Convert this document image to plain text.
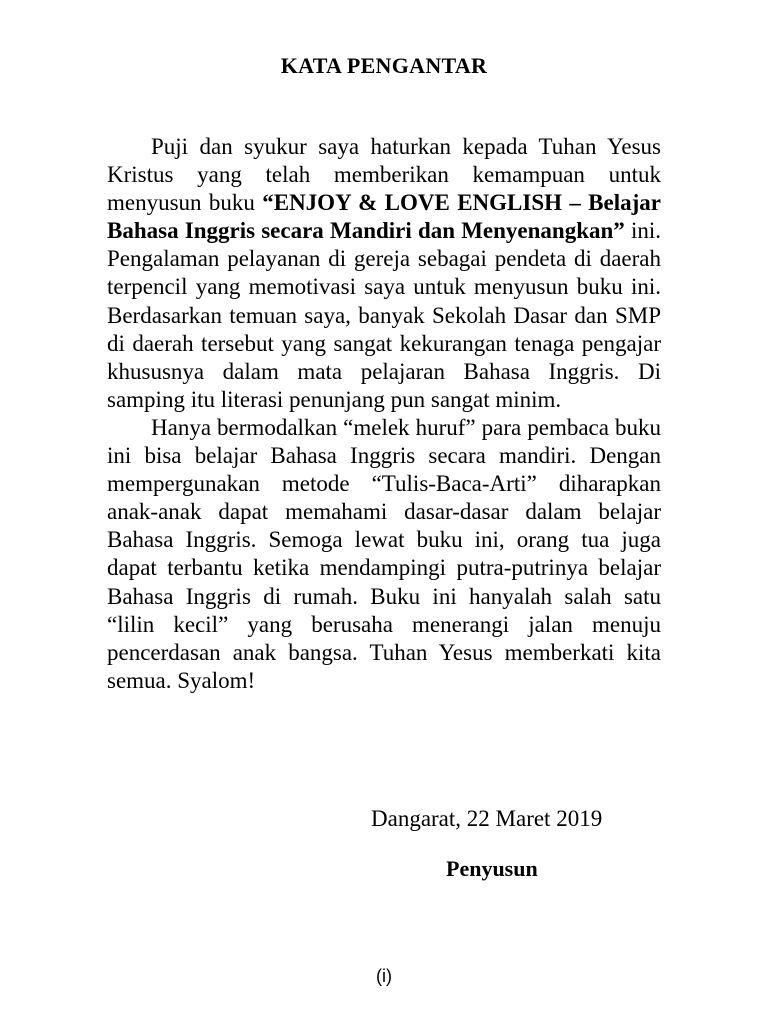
KATA PENGANTAR

Puji dan syukur saya haturkan kepada Tuhan Yesus Kristus yang telah memberikan kemampuan untuk menyusun buku “ENJOY & LOVE ENGLISH – Belajar Bahasa Inggris secara Mandiri dan Menyenangkan” ini. Pengalaman pelayanan di gereja sebagai pendeta di daerah terpencil yang memotivasi saya untuk menyusun buku ini. Berdasarkan temuan saya, banyak Sekolah Dasar dan SMP di daerah tersebut yang sangat kekurangan tenaga pengajar khususnya dalam mata pelajaran Bahasa Inggris. Di samping itu literasi penunjang pun sangat minim.

Hanya bermodalkan “melek huruf” para pembaca buku ini bisa belajar Bahasa Inggris secara mandiri. Dengan mempergunakan metode “Tulis-Baca-Arti” diharapkan anak-anak dapat memahami dasar-dasar dalam belajar Bahasa Inggris. Semoga lewat buku ini, orang tua juga dapat terbantu ketika mendampingi putra-putrinya belajar Bahasa Inggris di rumah. Buku ini hanyalah salah satu “lilin kecil” yang berusaha menerangi jalan menuju pencerdasan anak bangsa. Tuhan Yesus memberkati kita semua. Syalom!

Dangarat, 22 Maret 2019
Penyusun
(i)
